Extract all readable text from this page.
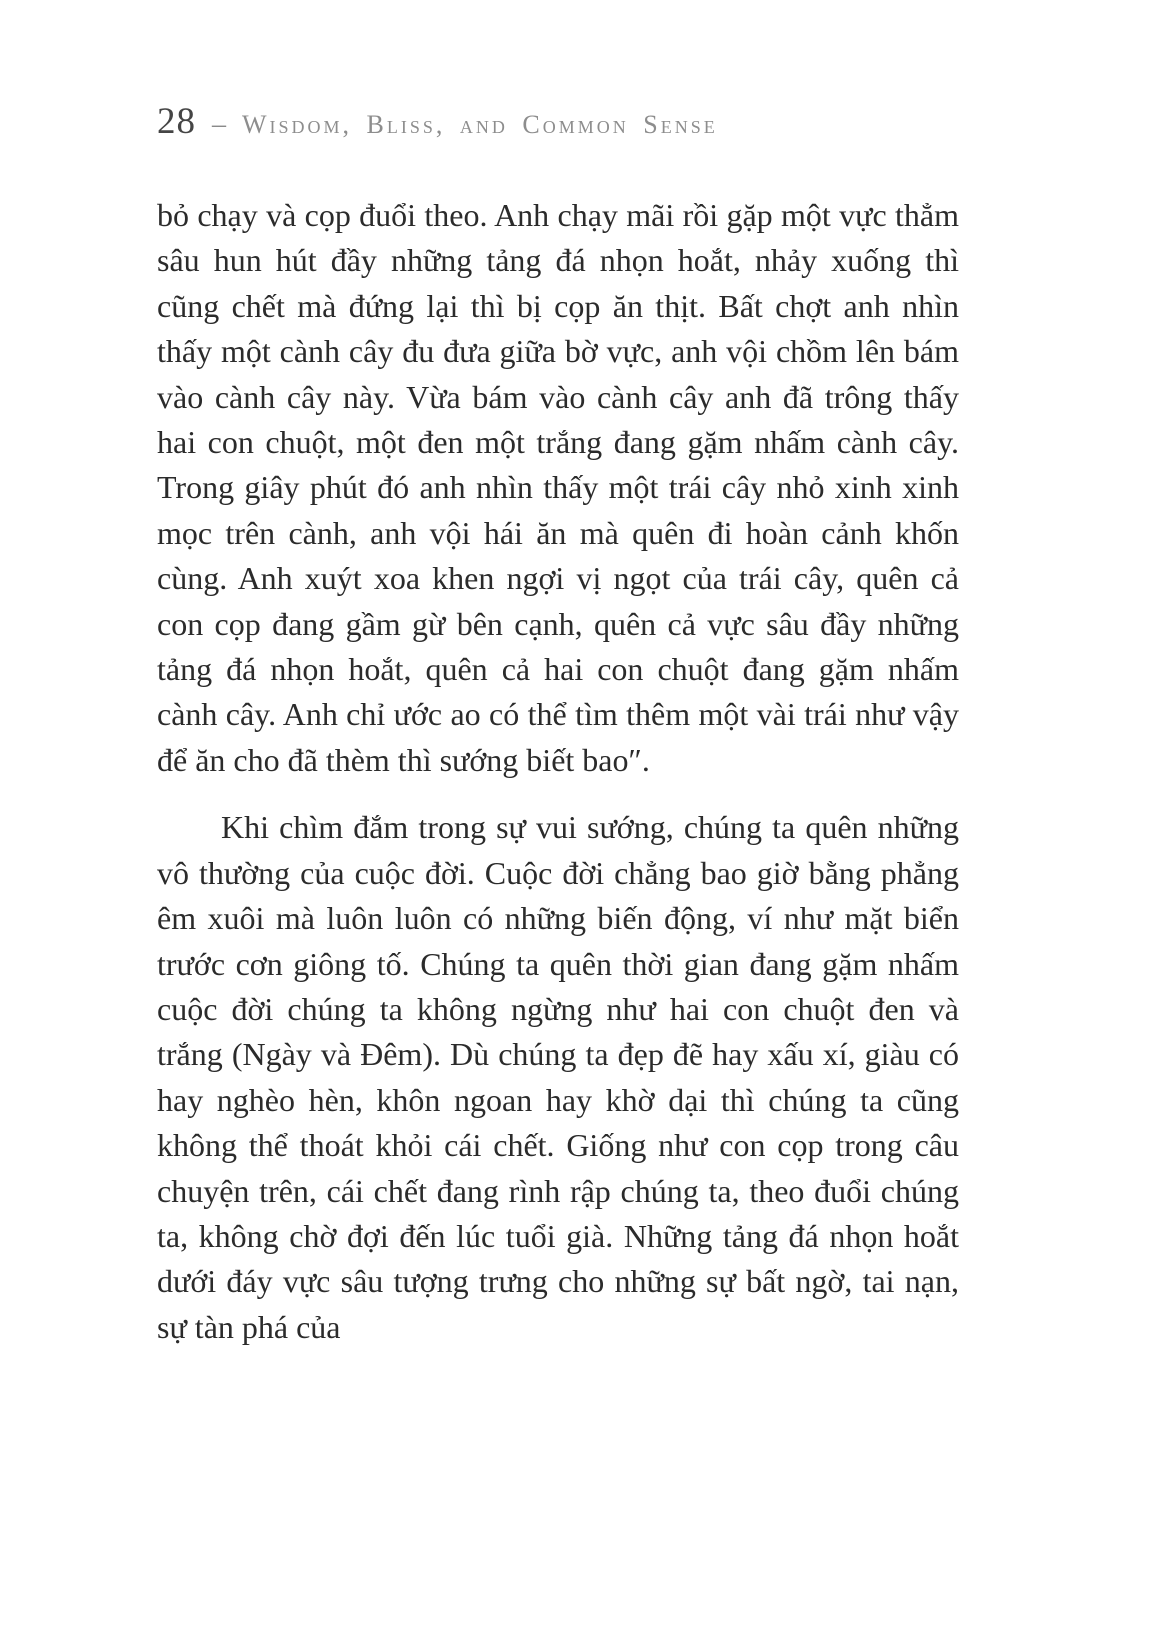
28 – Wisdom, Bliss, and Common Sense

bỏ chạy và cọp đuổi theo. Anh chạy mãi rồi gặp một vực thẳm sâu hun hút đầy những tảng đá nhọn hoắt, nhảy xuống thì cũng chết mà đứng lại thì bị cọp ăn thịt. Bất chợt anh nhìn thấy một cành cây đu đưa giữa bờ vực, anh vội chồm lên bám vào cành cây này. Vừa bám vào cành cây anh đã trông thấy hai con chuột, một đen một trắng đang gặm nhấm cành cây. Trong giây phút đó anh nhìn thấy một trái cây nhỏ xinh xinh mọc trên cành, anh vội hái ăn mà quên đi hoàn cảnh khốn cùng. Anh xuýt xoa khen ngợi vị ngọt của trái cây, quên cả con cọp đang gầm gừ bên cạnh, quên cả vực sâu đầy những tảng đá nhọn hoắt, quên cả hai con chuột đang gặm nhấm cành cây. Anh chỉ ước ao có thể tìm thêm một vài trái như vậy để ăn cho đã thèm thì sướng biết bao″.

Khi chìm đắm trong sự vui sướng, chúng ta quên những vô thường của cuộc đời. Cuộc đời chẳng bao giờ bằng phẳng êm xuôi mà luôn luôn có những biến động, ví như mặt biển trước cơn giông tố. Chúng ta quên thời gian đang gặm nhấm cuộc đời chúng ta không ngừng như hai con chuột đen và trắng (Ngày và Đêm). Dù chúng ta đẹp đẽ hay xấu xí, giàu có hay nghèo hèn, khôn ngoan hay khờ dại thì chúng ta cũng không thể thoát khỏi cái chết. Giống như con cọp trong câu chuyện trên, cái chết đang rình rập chúng ta, theo đuổi chúng ta, không chờ đợi đến lúc tuổi già. Những tảng đá nhọn hoắt dưới đáy vực sâu tượng trưng cho những sự bất ngờ, tai nạn, sự tàn phá của
